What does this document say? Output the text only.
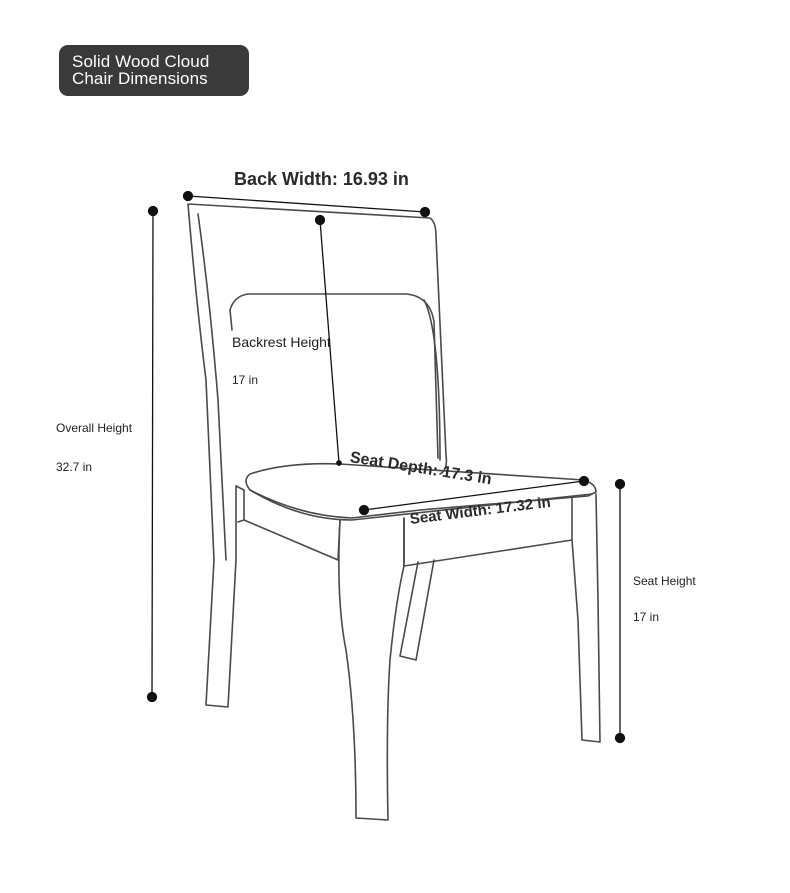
Solid Wood Cloud
Chair Dimensions
Back Width: 16.93 in
Backrest Height
17 in
Overall Height
32.7 in	Seat Depth: 17.3 in
Seat Width: 17.32 in
Seat Height
17 in
